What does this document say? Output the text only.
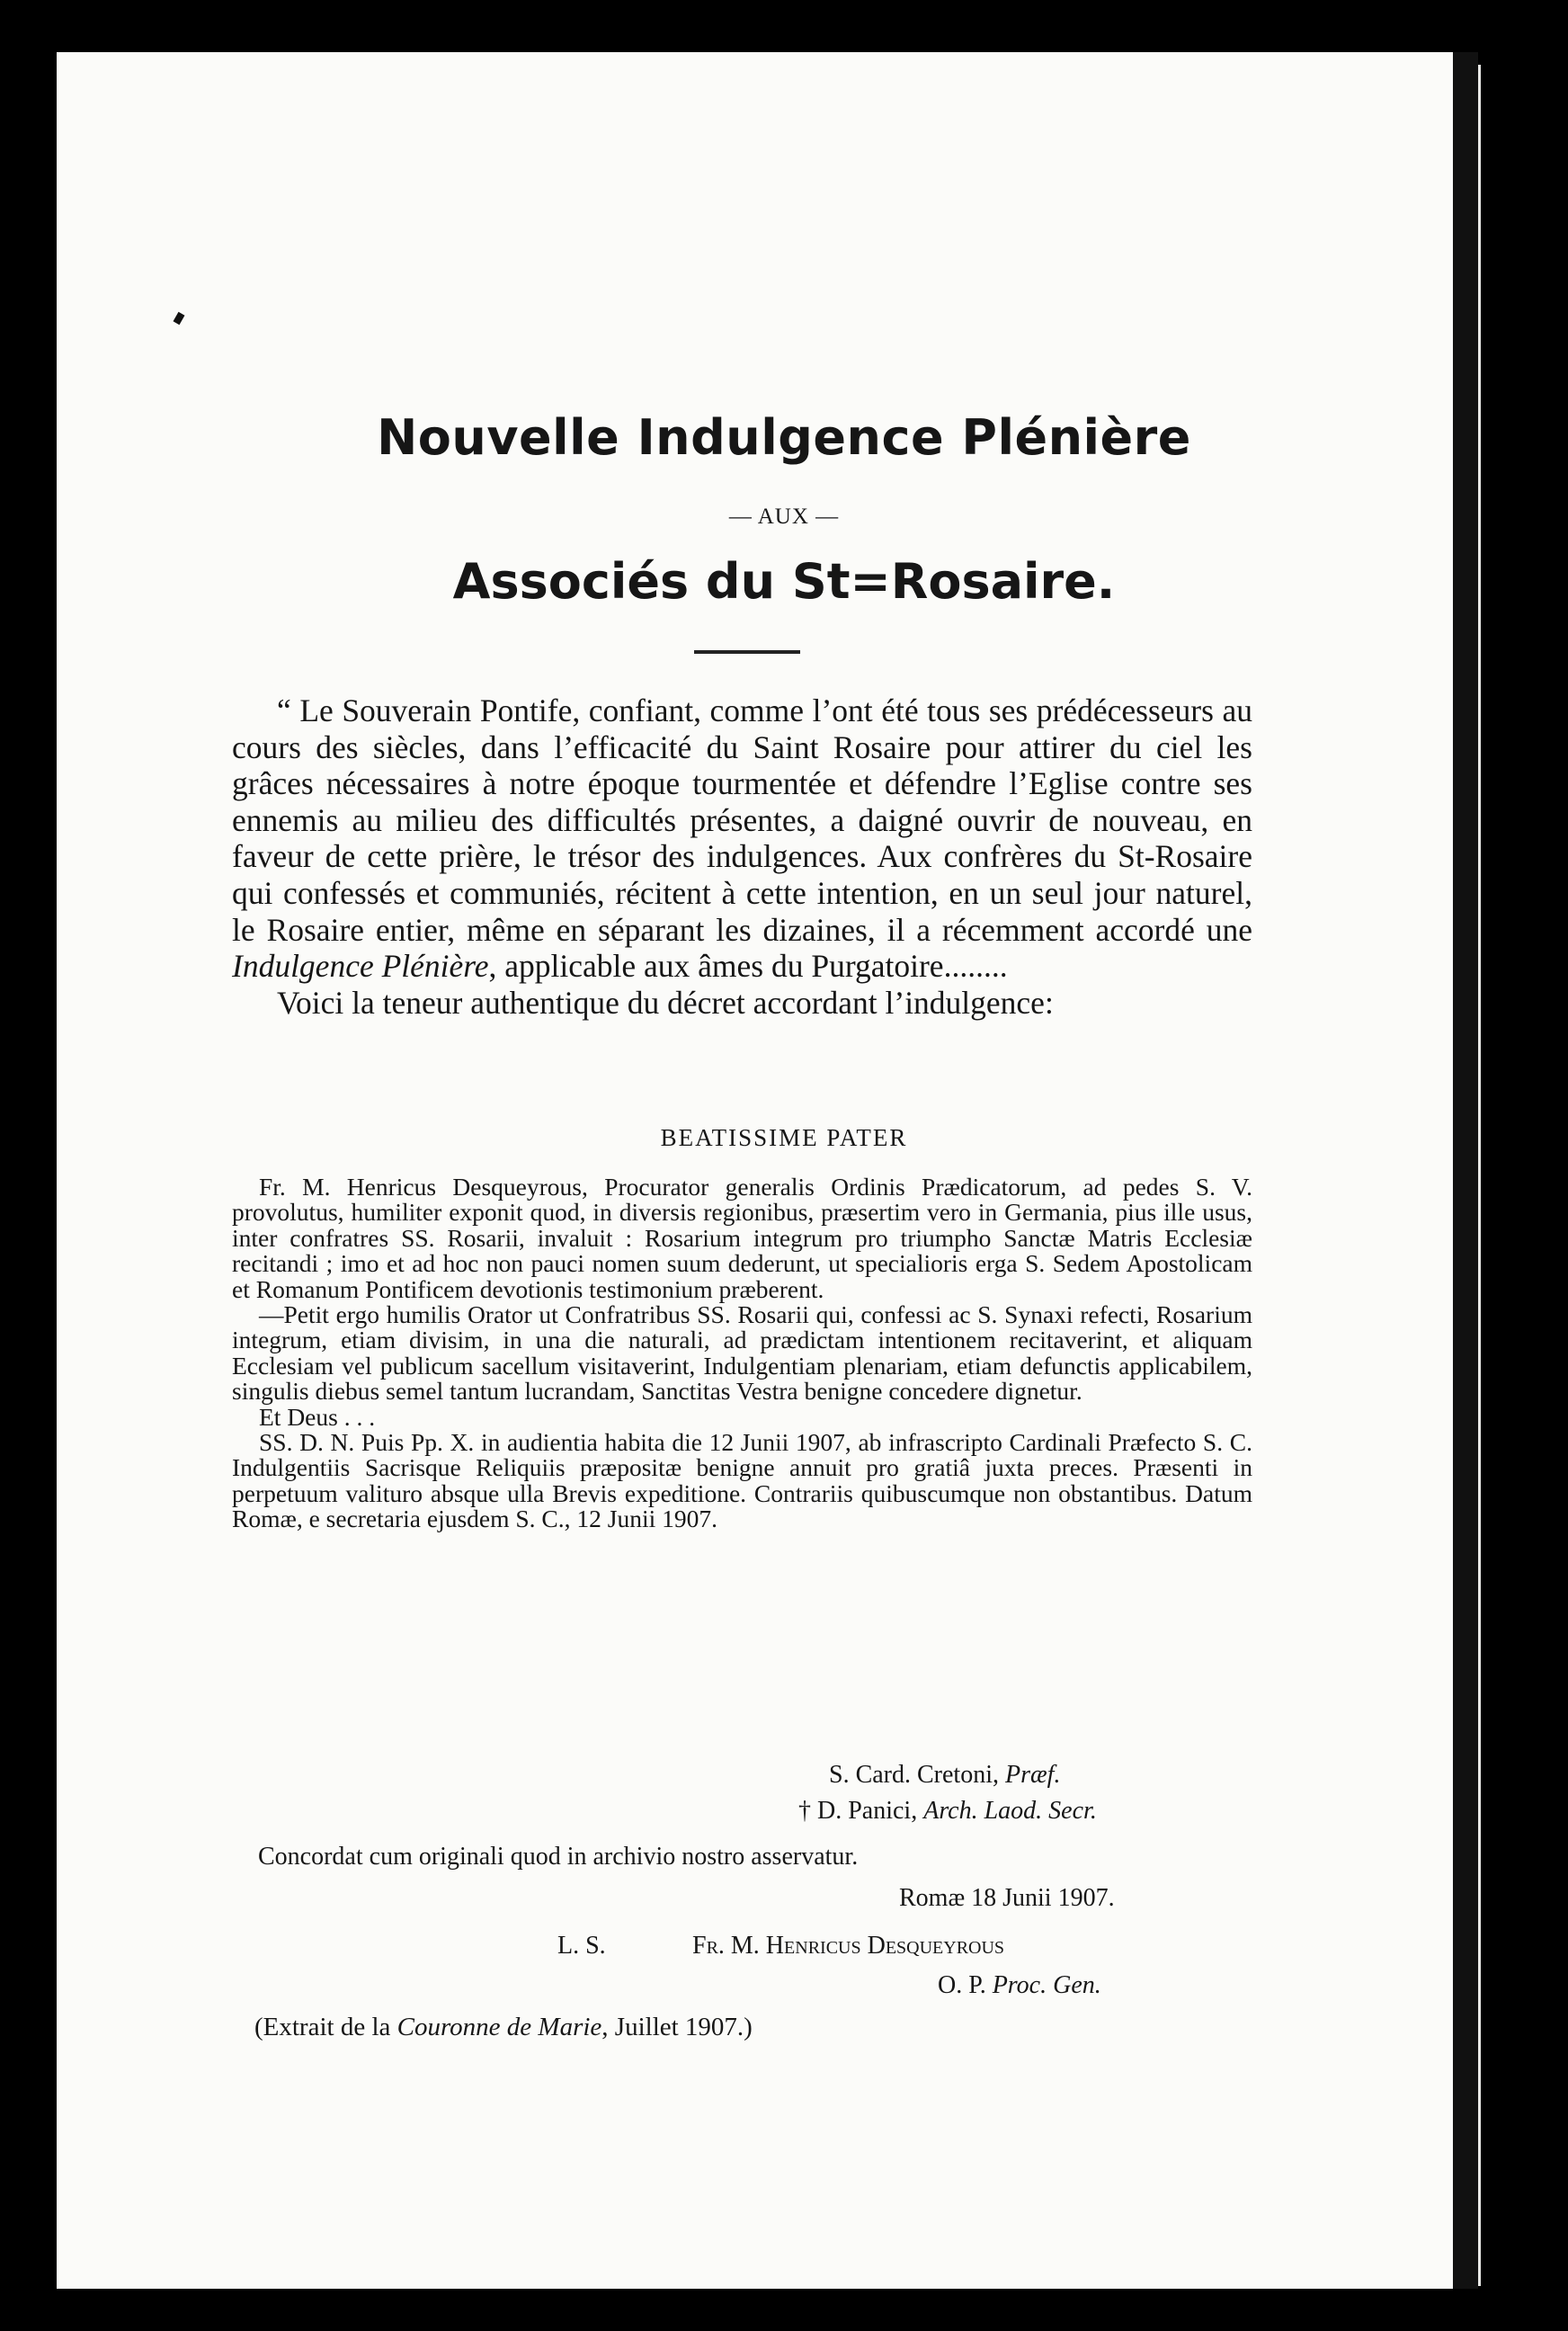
Nouvelle Indulgence Plénière
— AUX —
Associés du St=Rosaire.

“ Le Souverain Pontife, confiant, comme l’ont été tous ses prédécesseurs au cours des siècles, dans l’efficacité du Saint Rosaire pour attirer du ciel les grâces nécessaires à notre époque tourmentée et défendre l’Eglise contre ses ennemis au milieu des difficultés présentes, a daigné ouvrir de nouveau, en faveur de cette prière, le trésor des indulgences. Aux confrères du St-Rosaire qui confessés et communiés, récitent à cette intention, en un seul jour naturel, le Rosaire entier, même en séparant les dizaines, il a récemment accordé une Indulgence Plénière, applicable aux âmes du Purgatoire........

Voici la teneur authentique du décret accordant l’indulgence:

BEATISSIME PATER

Fr. M. Henricus Desqueyrous, Procurator generalis Ordinis Prædicatorum, ad pedes S. V. provolutus, humiliter exponit quod, in diversis regionibus, præsertim vero in Germania, pius ille usus, inter confratres SS. Rosarii, invaluit : Rosarium integrum pro triumpho Sanctæ Matris Ecclesiæ recitandi ; imo et ad hoc non pauci nomen suum dederunt, ut specialioris erga S. Sedem Apostolicam et Romanum Pontificem devotionis testimonium præberent.

—Petit ergo humilis Orator ut Confratribus SS. Rosarii qui, confessi ac S. Synaxi refecti, Rosarium integrum, etiam divisim, in una die naturali, ad prædictam intentionem recitaverint, et aliquam Ecclesiam vel publicum sacellum visitaverint, Indulgentiam plenariam, etiam defunctis applicabilem, singulis diebus semel tantum lucrandam, Sanctitas Vestra benigne concedere dignetur.

Et Deus . . .

SS. D. N. Puis Pp. X. in audientia habita die 12 Junii 1907, ab infrascripto Cardinali Præfecto S. C. Indulgentiis Sacrisque Reliquiis præpositæ benigne annuit pro gratiâ juxta preces. Præsenti in perpetuum valituro absque ulla Brevis expeditione. Contrariis quibuscumque non obstantibus. Datum Romæ, e secretaria ejusdem S. C., 12 Junii 1907.

S. Card. Cretoni, Præf.
† D. Panici, Arch. Laod. Secr.
Concordat cum originali quod in archivio nostro asservatur.
Romæ 18 Junii 1907.
L. S.	Fr. M. Henricus Desqueyrous
O. P. Proc. Gen.
(Extrait de la Couronne de Marie, Juillet 1907.)
